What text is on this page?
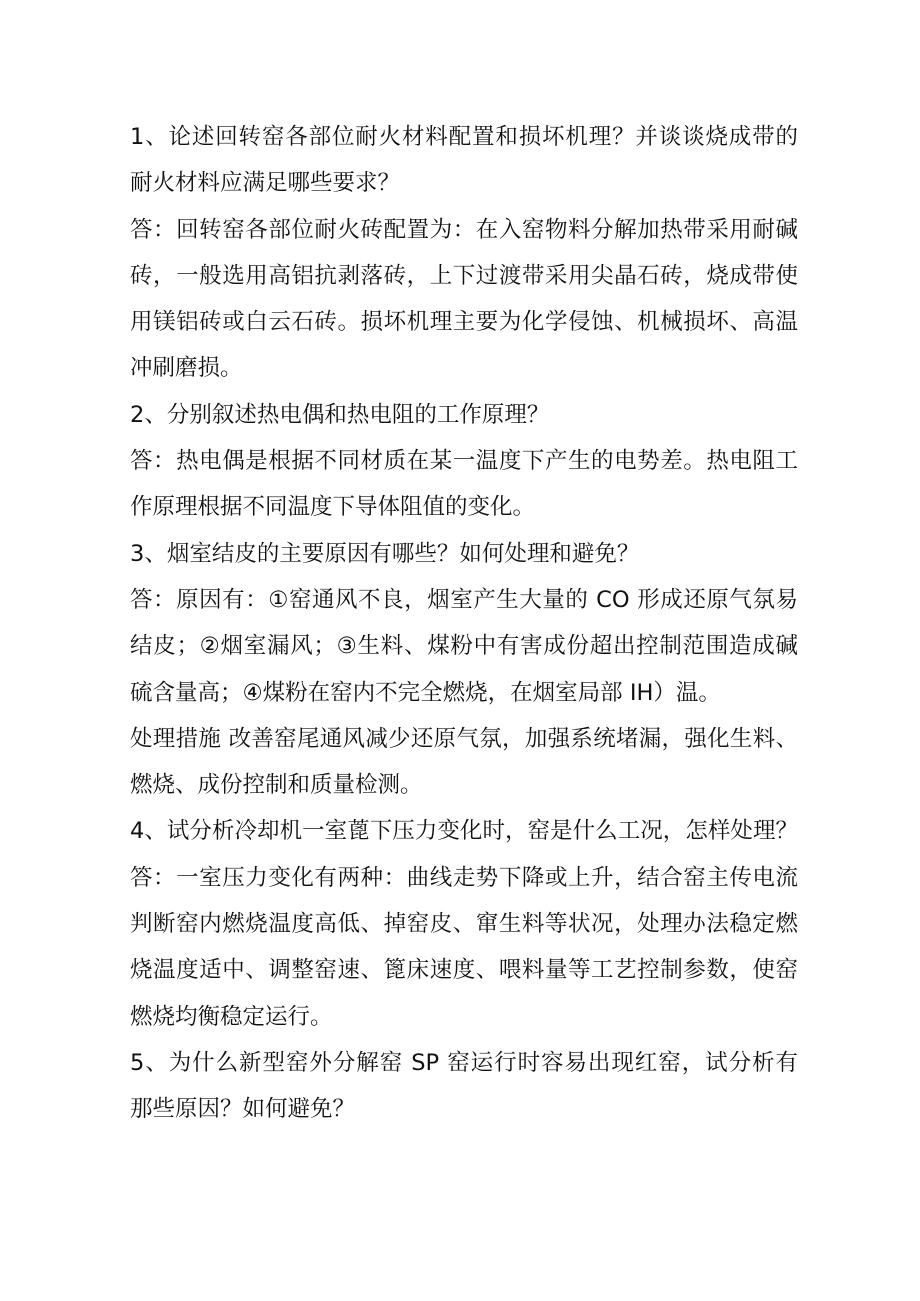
1、论述回转窑各部位耐火材料配置和损坏机理？并谈谈烧成带的
耐火材料应满足哪些要求？
答：回转窑各部位耐火砖配置为：在入窑物料分解加热带采用耐碱
砖，一般选用高铝抗剥落砖，上下过渡带采用尖晶石砖，烧成带使
用镁铝砖或白云石砖。损坏机理主要为化学侵蚀、机械损坏、高温
冲刷磨损。
2、分别叙述热电偶和热电阻的工作原理？
答：热电偶是根据不同材质在某一温度下产生的电势差。热电阻工
作原理根据不同温度下导体阻值的变化。
3、烟室结皮的主要原因有哪些？如何处理和避免？
答：原因有：①窑通风不良，烟室产生大量的 CO 形成还原气氛易
结皮；②烟室漏风；③生料、煤粉中有害成份超出控制范围造成碱
硫含量高；④煤粉在窑内不完全燃烧，在烟室局部 IH）温。
处理措施 改善窑尾通风减少还原气氛，加强系统堵漏，强化生料、
燃烧、成份控制和质量检测。
4、试分析冷却机一室蓖下压力变化时，窑是什么工况，怎样处理？
答：一室压力变化有两种：曲线走势下降或上升，结合窑主传电流
判断窑内燃烧温度高低、掉窑皮、窜生料等状况，处理办法稳定燃
烧温度适中、调整窑速、篦床速度、喂料量等工艺控制参数，使窑
燃烧均衡稳定运行。
5、为什么新型窑外分解窑 SP 窑运行时容易出现红窑，试分析有
那些原因？如何避免？
